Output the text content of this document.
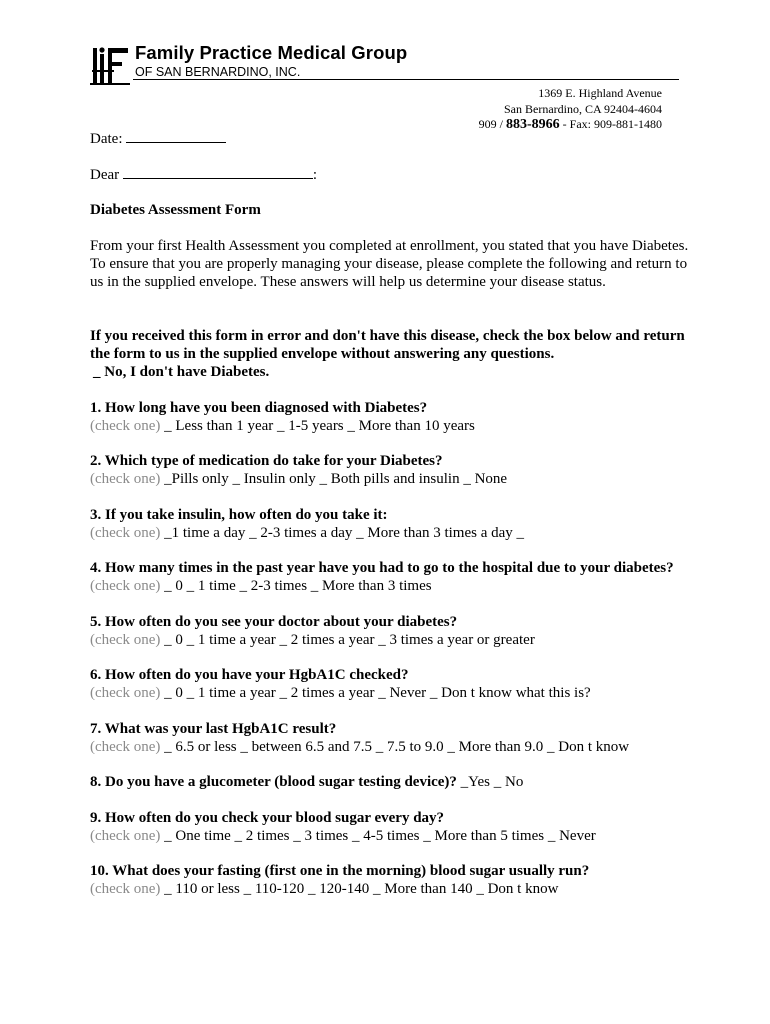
Family Practice Medical Group
OF SAN BERNARDINO, INC.
1369 E. Highland Avenue
San Bernardino, CA 92404-4604
909 / 883-8966 - Fax: 909-881-1480
Date:
Dear	:
Diabetes Assessment Form

From your first Health Assessment you completed at enrollment, you stated that you have Diabetes. To ensure that you are properly managing your disease, please complete the following and return to us in the supplied envelope. These answers will help us determine your disease status.

If you received this form in error and don't have this disease, check the box below and return the form to us in the supplied envelope without answering any questions.
_ No, I don't have Diabetes.
1. How long have you been diagnosed with Diabetes?
(check one) _ Less than 1 year _ 1-5 years _ More than 10 years
2. Which type of medication do take for your Diabetes?
(check one) _Pills only _ Insulin only _ Both pills and insulin _ None
3. If you take insulin, how often do you take it:
(check one) _1 time a day _ 2-3 times a day _ More than 3 times a day _
4. How many times in the past year have you had to go to the hospital due to your diabetes?
(check one) _ 0 _ 1 time _ 2-3 times _ More than 3 times
5. How often do you see your doctor about your diabetes?
(check one) _ 0 _ 1 time a year _ 2 times a year _ 3 times a year or greater
6. How often do you have your HgbA1C checked?
(check one) _ 0 _ 1 time a year _ 2 times a year _ Never _ Don t know what this is?
7. What was your last HgbA1C result?
(check one) _ 6.5 or less _ between 6.5 and 7.5 _ 7.5 to 9.0 _ More than 9.0 _ Don t know
8. Do you have a glucometer (blood sugar testing device)? _Yes _ No
9. How often do you check your blood sugar every day?
(check one) _ One time _ 2 times _ 3 times _ 4-5 times _ More than 5 times _ Never
10. What does your fasting (first one in the morning) blood sugar usually run?
(check one) _ 110 or less _ 110-120 _ 120-140 _ More than 140 _ Don t know
